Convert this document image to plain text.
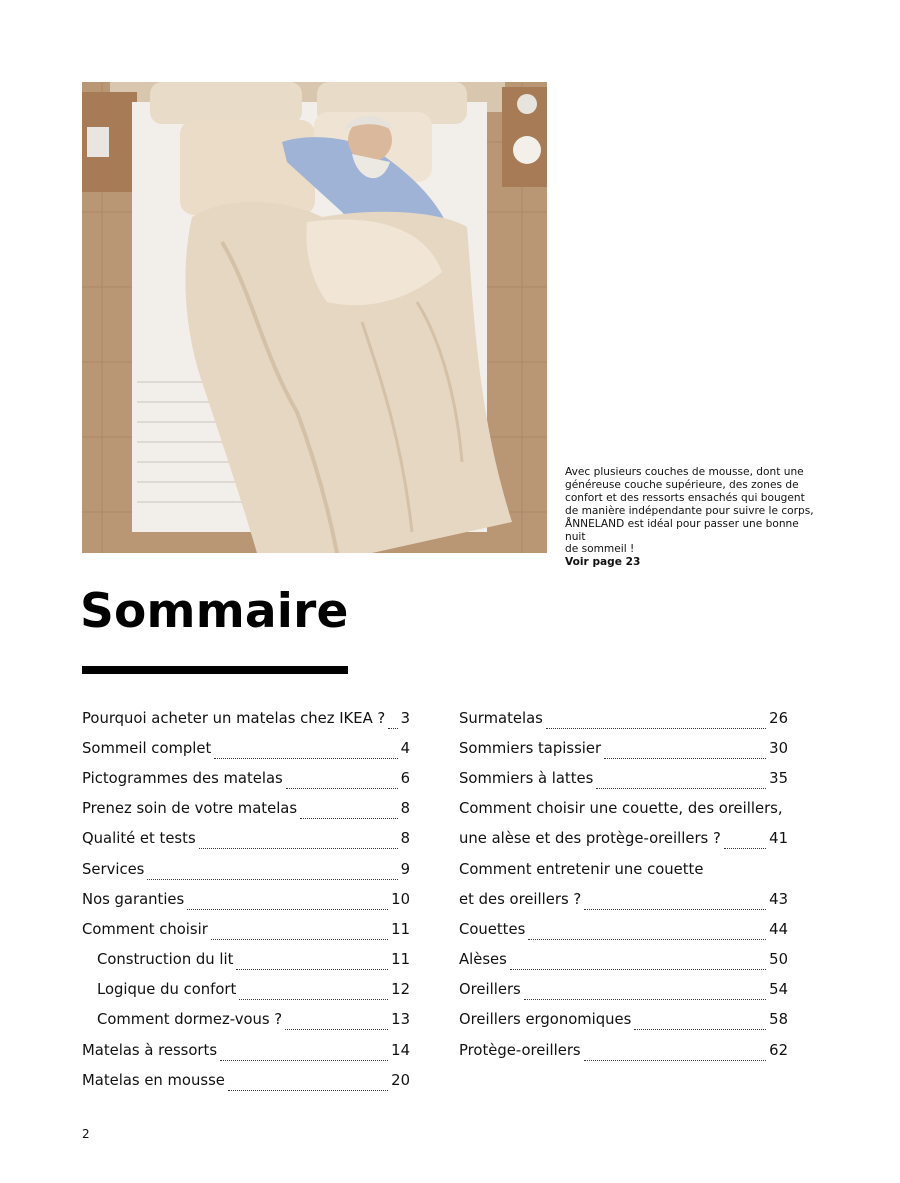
Avec plusieurs couches de mousse, dont une
généreuse couche supérieure, des zones de
confort et des ressorts ensachés qui bougent
de manière indépendante pour suivre le corps,
ÅNNELAND est idéal pour passer une bonne nuit
de sommeil !
Voir page 23
Sommaire
Pourquoi acheter un matelas chez IKEA ? 3
Sommeil complet	4
Pictogrammes des matelas	6
Prenez soin de votre matelas	8
Qualité et tests	8
Services	9
Nos garanties	10
Comment choisir	11
Construction du lit	11
Logique du confort	12
Comment dormez-vous ?	13
Matelas à ressorts	14
Matelas en mousse	20
Surmatelas	26
Sommiers tapissier	30
Sommiers à lattes	35
Comment choisir une couette, des oreillers,
une alèse et des protège-oreillers ?	41
Comment entretenir une couette
et des oreillers ?	43
Couettes	44
Alèses	50
Oreillers	54
Oreillers ergonomiques	58
Protège-oreillers	62
2
